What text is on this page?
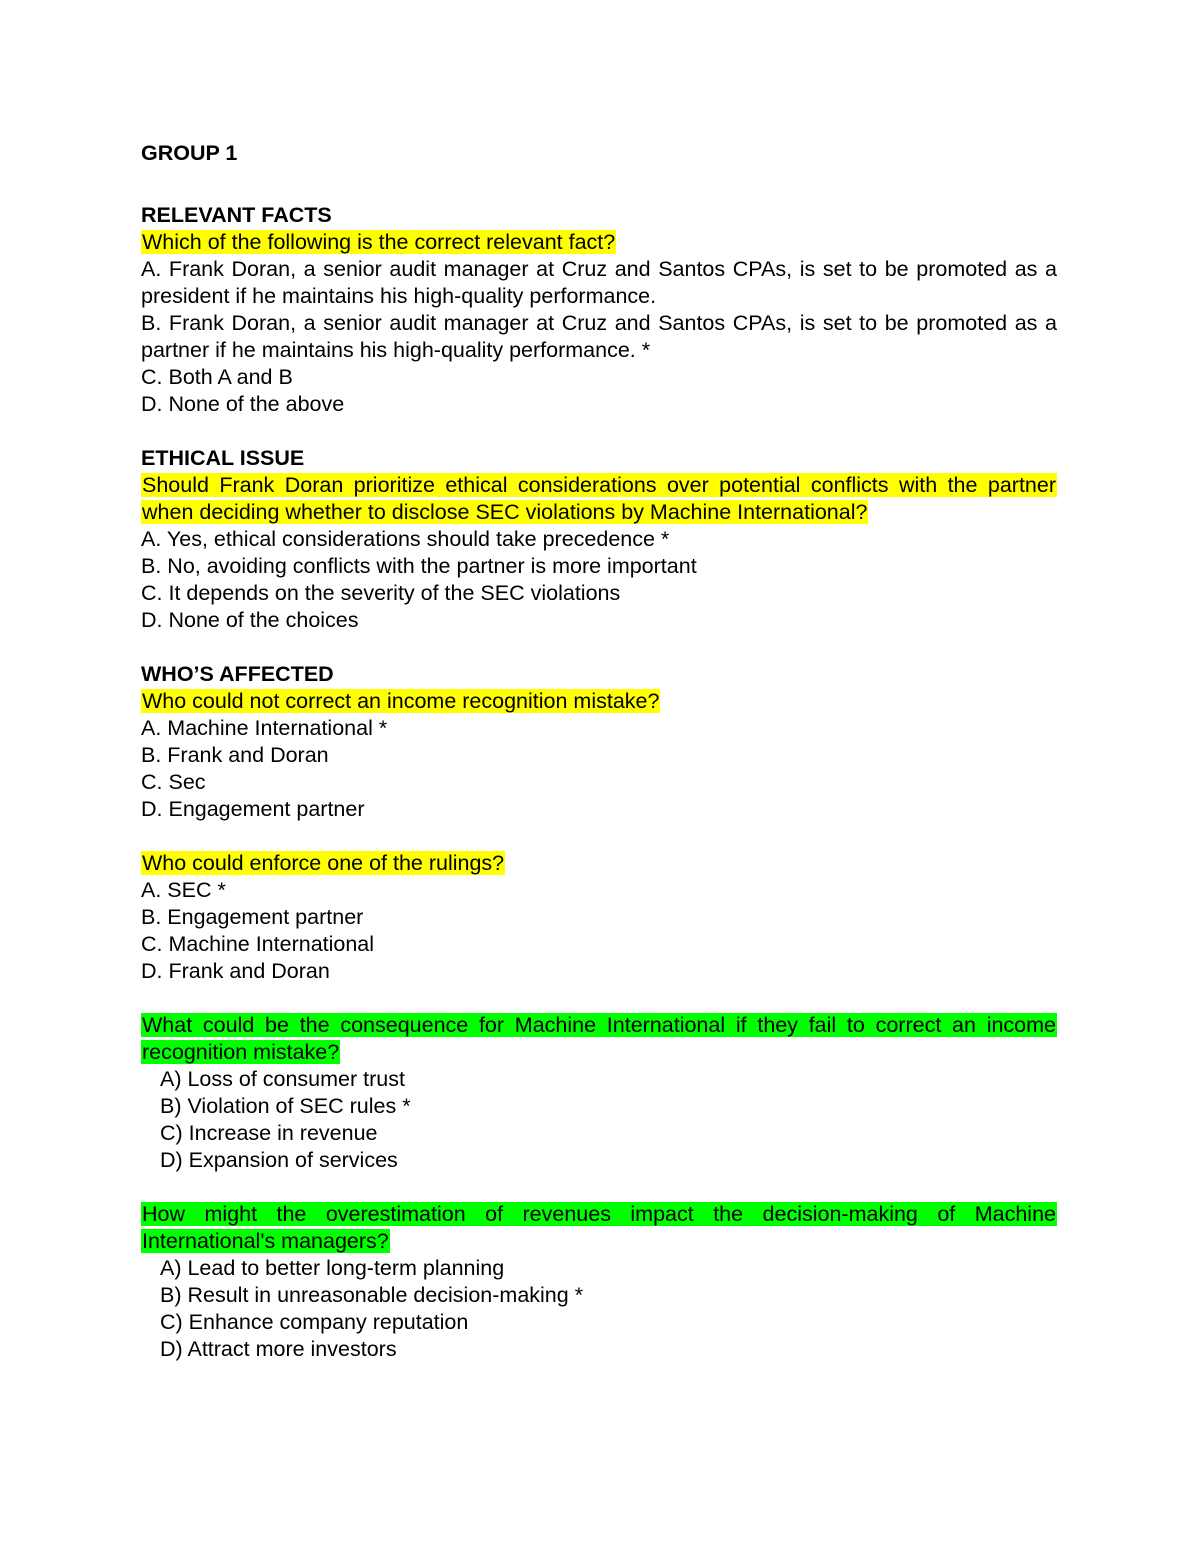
GROUP 1

RELEVANT FACTS

Which of the following is the correct relevant fact?

A. Frank Doran, a senior audit manager at Cruz and Santos CPAs, is set to be promoted as a president if he maintains his high-quality performance.

B. Frank Doran, a senior audit manager at Cruz and Santos CPAs, is set to be promoted as a partner if he maintains his high-quality performance. *

C. Both A and B

D. None of the above

ETHICAL ISSUE

Should Frank Doran prioritize ethical considerations over potential conflicts with the partner when deciding whether to disclose SEC violations by Machine International?

A. Yes, ethical considerations should take precedence *

B. No, avoiding conflicts with the partner is more important

C. It depends on the severity of the SEC violations

D. None of the choices

WHO’S AFFECTED

Who could not correct an income recognition mistake?

A. Machine International *

B. Frank and Doran

C. Sec

D. Engagement partner

Who could enforce one of the rulings?

A. SEC *

B. Engagement partner

C. Machine International

D. Frank and Doran

What could be the consequence for Machine International if they fail to correct an income recognition mistake?

A) Loss of consumer trust

B) Violation of SEC rules *

C) Increase in revenue

D) Expansion of services

How might the overestimation of revenues impact the decision-making of Machine International's managers?

A) Lead to better long-term planning

B) Result in unreasonable decision-making *

C) Enhance company reputation

D) Attract more investors
